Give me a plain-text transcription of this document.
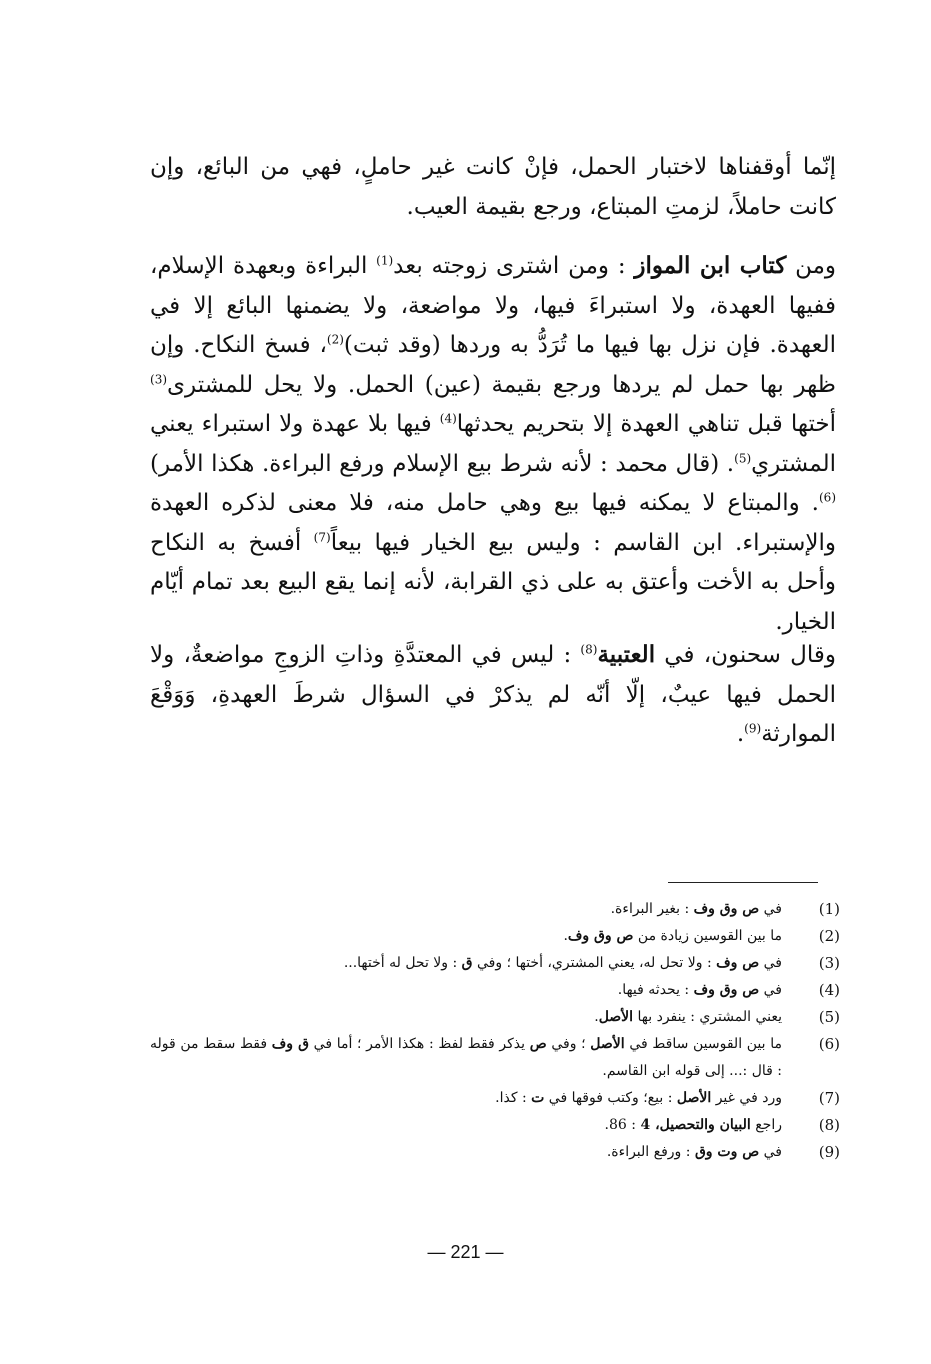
إنّما أوقفناها لاختبار الحمل، فإنْ كانت غير حاملٍ، فهي من البائع، وإن كانت حاملاً، لزمتِ المبتاع، ورجع بقيمة العيب.

ومن كتاب ابن المواز : ومن اشترى زوجته بعد$^{(1)}$ البراءة وبعهدة الإسلام، ففيها العهدة، ولا استبراءَ فيها، ولا مواضعة، ولا يضمنها البائع إلا في العهدة. فإن نزل بها فيها ما تُرَدُّ به وردها (وقد ثبت)$^{(2)}$، فسخ النكاح. وإن ظهر بها حمل لم يردها ورجع بقيمة (عين) الحمل. ولا يحل للمشترى$^{(3)}$ أختها قبل تناهي العهدة إلا بتحريم يحدثها$^{(4)}$ فيها بلا عهدة ولا استبراء يعني المشتري$^{(5)}$. (قال محمد : لأنه شرط بيع الإسلام ورفع البراءة. هكذا الأمر)$^{(6)}$. والمبتاع لا يمكنه فيها بيع وهي حامل منه، فلا معنى لذكره العهدة والإستبراء. ابن القاسم : وليس بيع الخيار فيها بيعاً$^{(7)}$ أفسخ به النكاح وأحل به الأخت وأعتق به على ذي القرابة، لأنه إنما يقع البيع بعد تمام أيّام الخيار.

وقال سحنون، في العتبية$^{(8)}$ : ليس في المعتدَّةِ وذاتِ الزوجِ مواضعةٌ، ولا الحمل فيها عيبٌ، إلّا أنّه لم يذكرْ في السؤال شرطَ العهدةِ، وَوَقْعَ الموارثة$^{(9)}$.

(1)
في ص وق وف : بغير البراءة.
(2)
ما بين القوسين زيادة من ص وق وف.
(3)
في ص وف : ولا تحل له، يعني المشتري، أختها ؛ وفي ق : ولا تحل له أختها...
(4)
في ص وق وف : يحدثه فيها.
(5)
يعني المشتري : ينفرد بها الأصل.
(6)
ما بين القوسين ساقط في الأصل ؛ وفي ص يذكر فقط لفظ : هكذا الأمر ؛ أما في ق وف فقط سقط من قوله : قال :... إلى قوله ابن القاسم.
(7)
ورد في غير الأصل : بيع؛ وكتب فوقها في ت : كذا.
(8)
راجع البيان والتحصيل، 4 : 86.
(9)
في ص وت وق : ورفع البراءة.
— 221 —
